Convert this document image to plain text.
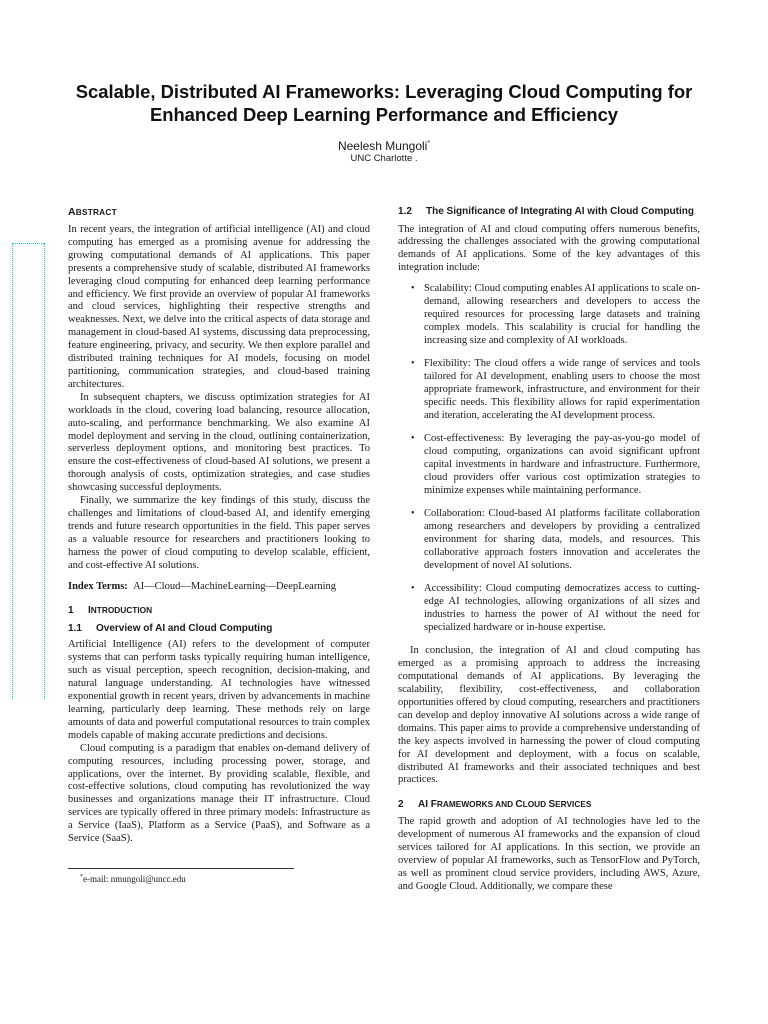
Scalable, Distributed AI Frameworks: Leveraging Cloud Computing for Enhanced Deep Learning Performance and Efficiency
Neelesh Mungoli*
UNC Charlotte .
ABSTRACT

In recent years, the integration of artificial intelligence (AI) and cloud computing has emerged as a promising avenue for addressing the growing computational demands of AI applications. This paper presents a comprehensive study of scalable, distributed AI frameworks leveraging cloud computing for enhanced deep learning performance and efficiency. We first provide an overview of popular AI frameworks and cloud services, highlighting their respective strengths and weaknesses. Next, we delve into the critical aspects of data storage and management in cloud-based AI systems, discussing data preprocessing, feature engineering, privacy, and security. We then explore parallel and distributed training techniques for AI models, focusing on model partitioning, communication strategies, and cloud-based training architectures.

In subsequent chapters, we discuss optimization strategies for AI workloads in the cloud, covering load balancing, resource allocation, auto-scaling, and performance benchmarking. We also examine AI model deployment and serving in the cloud, outlining containerization, serverless deployment options, and monitoring best practices. To ensure the cost-effectiveness of cloud-based AI solutions, we present a thorough analysis of costs, optimization strategies, and case studies showcasing successful deployments.

Finally, we summarize the key findings of this study, discuss the challenges and limitations of cloud-based AI, and identify emerging trends and future research opportunities in the field. This paper serves as a valuable resource for researchers and practitioners looking to harness the power of cloud computing to develop scalable, efficient, and cost-effective AI solutions.

Index Terms: AI—Cloud—MachineLearning—DeepLearning

1 INTRODUCTION
1.1 Overview of AI and Cloud Computing

Artificial Intelligence (AI) refers to the development of computer systems that can perform tasks typically requiring human intelligence, such as visual perception, speech recognition, decision-making, and natural language understanding. AI technologies have witnessed exponential growth in recent years, driven by advancements in machine learning, particularly deep learning. These methods rely on large amounts of data and powerful computational resources to train complex models capable of making accurate predictions and decisions.

Cloud computing is a paradigm that enables on-demand delivery of computing resources, including processing power, storage, and applications, over the internet. By providing scalable, flexible, and cost-effective solutions, cloud computing has revolutionized the way businesses and organizations manage their IT infrastructure. Cloud services are typically offered in three primary models: Infrastructure as a Service (IaaS), Platform as a Service (PaaS), and Software as a Service (SaaS).

1.2	The Significance of Integrating AI with Cloud Computing

The integration of AI and cloud computing offers numerous benefits, addressing the challenges associated with the growing computational demands of AI applications. Some of the key advantages of this integration include:

• Scalability: Cloud computing enables AI applications to scale on-demand, allowing researchers and developers to access the required resources for processing large datasets and training complex models. This scalability is crucial for handling the increasing size and complexity of AI workloads.
• Flexibility: The cloud offers a wide range of services and tools tailored for AI development, enabling users to choose the most appropriate framework, infrastructure, and environment for their specific needs. This flexibility allows for rapid experimentation and iteration, accelerating the AI development process.
• Cost-effectiveness: By leveraging the pay-as-you-go model of cloud computing, organizations can avoid significant upfront capital investments in hardware and infrastructure. Furthermore, cloud providers offer various cost optimization strategies to minimize expenses while maintaining performance.
• Collaboration: Cloud-based AI platforms facilitate collaboration among researchers and developers by providing a centralized environment for sharing data, models, and resources. This collaborative approach fosters innovation and accelerates the development of novel AI solutions.
• Accessibility: Cloud computing democratizes access to cutting-edge AI technologies, allowing organizations of all sizes and industries to harness the power of AI without the need for specialized hardware or in-house expertise.

In conclusion, the integration of AI and cloud computing has emerged as a promising approach to address the increasing computational demands of AI applications. By leveraging the scalability, flexibility, cost-effectiveness, and collaboration opportunities offered by cloud computing, researchers and practitioners can develop and deploy innovative AI solutions across a wide range of domains. This paper aims to provide a comprehensive understanding of the key aspects involved in harnessing the power of cloud computing for AI development and deployment, with a focus on scalable, distributed AI frameworks and their associated techniques and best practices.

2 AI FRAMEWORKS AND CLOUD SERVICES

The rapid growth and adoption of AI technologies have led to the development of numerous AI frameworks and the expansion of cloud services tailored for AI applications. In this section, we provide an overview of popular AI frameworks, such as TensorFlow and PyTorch, as well as prominent cloud service providers, including AWS, Azure, and Google Cloud. Additionally, we compare these

*e-mail: nmungoli@uncc.edu
